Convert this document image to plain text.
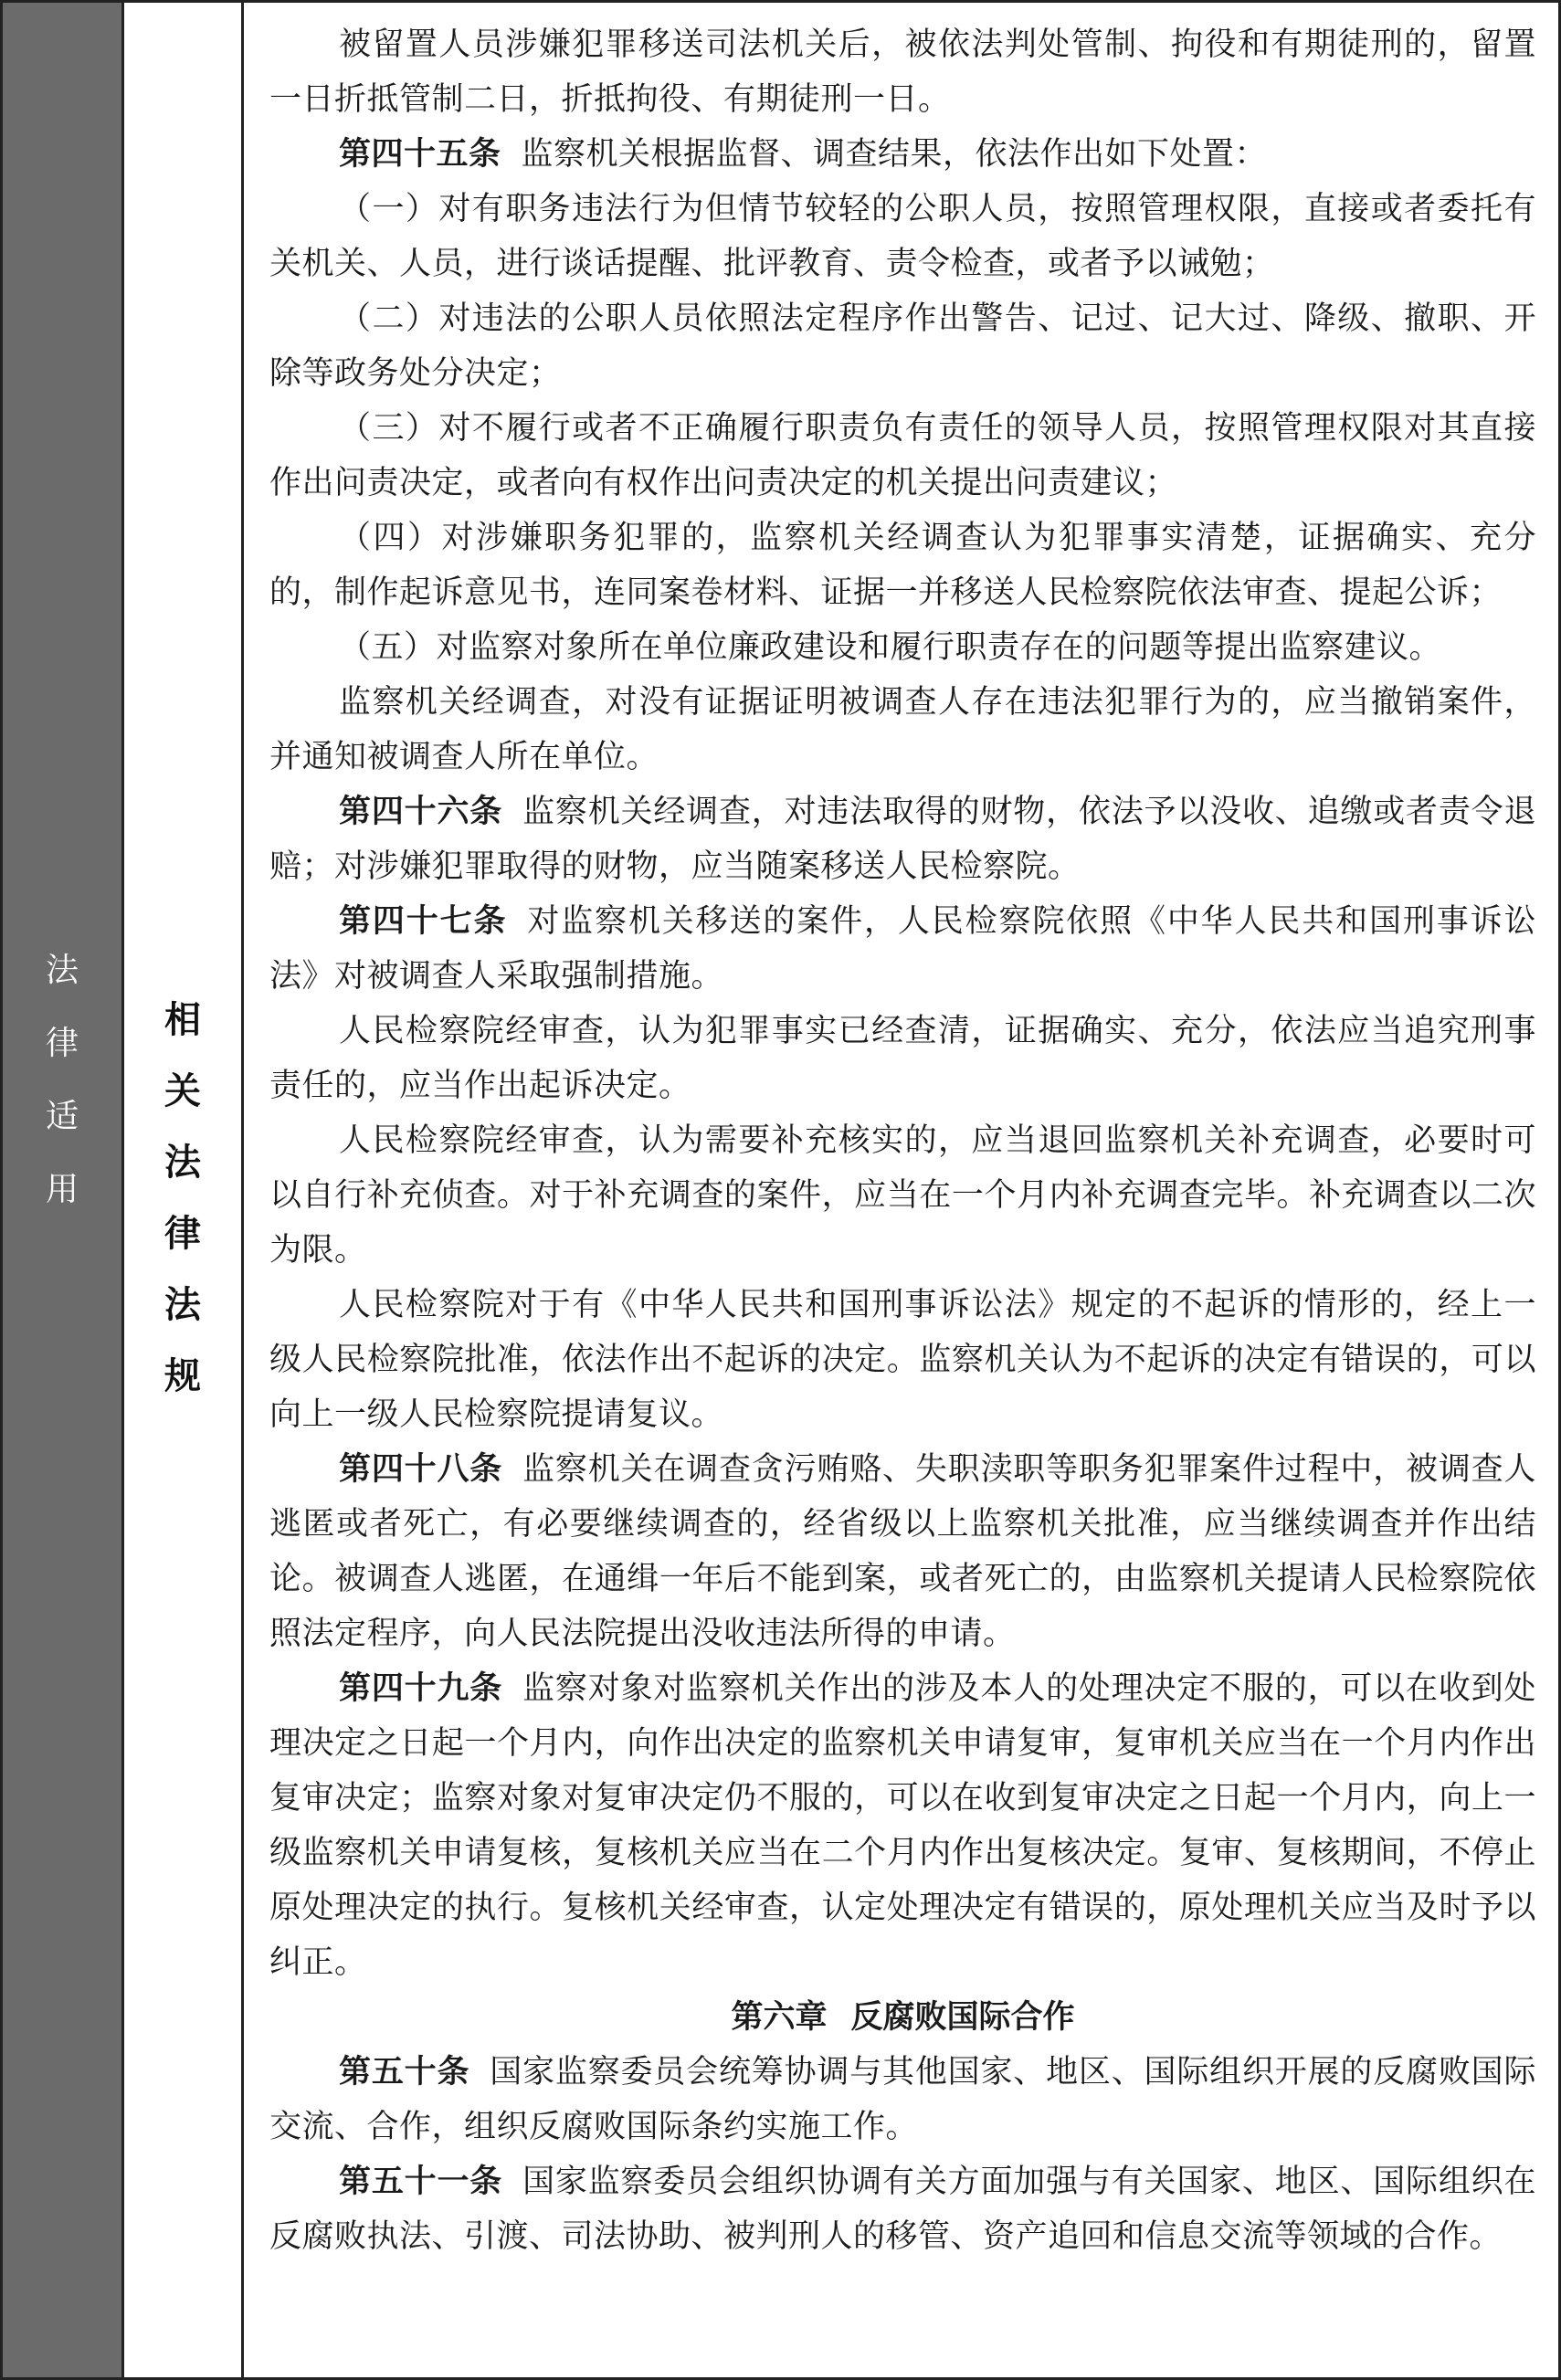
法
律
适
用
相
关
法
律
法
规

被留置人员涉嫌犯罪移送司法机关后，被依法判处管制、拘役和有期徒刑的，留置一日折抵管制二日，折抵拘役、有期徒刑一日。

第四十五条 监察机关根据监督、调查结果，依法作出如下处置：

（一）对有职务违法行为但情节较轻的公职人员，按照管理权限，直接或者委托有关机关、人员，进行谈话提醒、批评教育、责令检查，或者予以诫勉；

（二）对违法的公职人员依照法定程序作出警告、记过、记大过、降级、撤职、开除等政务处分决定；

（三）对不履行或者不正确履行职责负有责任的领导人员，按照管理权限对其直接作出问责决定，或者向有权作出问责决定的机关提出问责建议；

（四）对涉嫌职务犯罪的，监察机关经调查认为犯罪事实清楚，证据确实、充分的，制作起诉意见书，连同案卷材料、证据一并移送人民检察院依法审查、提起公诉；

（五）对监察对象所在单位廉政建设和履行职责存在的问题等提出监察建议。

监察机关经调查，对没有证据证明被调查人存在违法犯罪行为的，应当撤销案件，并通知被调查人所在单位。

第四十六条 监察机关经调查，对违法取得的财物，依法予以没收、追缴或者责令退赔；对涉嫌犯罪取得的财物，应当随案移送人民检察院。

第四十七条 对监察机关移送的案件，人民检察院依照《中华人民共和国刑事诉讼法》对被调查人采取强制措施。

人民检察院经审查，认为犯罪事实已经查清，证据确实、充分，依法应当追究刑事责任的，应当作出起诉决定。

人民检察院经审查，认为需要补充核实的，应当退回监察机关补充调查，必要时可以自行补充侦查。对于补充调查的案件，应当在一个月内补充调查完毕。补充调查以二次为限。

人民检察院对于有《中华人民共和国刑事诉讼法》规定的不起诉的情形的，经上一级人民检察院批准，依法作出不起诉的决定。监察机关认为不起诉的决定有错误的，可以向上一级人民检察院提请复议。

第四十八条 监察机关在调查贪污贿赂、失职渎职等职务犯罪案件过程中，被调查人逃匿或者死亡，有必要继续调查的，经省级以上监察机关批准，应当继续调查并作出结论。被调查人逃匿，在通缉一年后不能到案，或者死亡的，由监察机关提请人民检察院依照法定程序，向人民法院提出没收违法所得的申请。

第四十九条 监察对象对监察机关作出的涉及本人的处理决定不服的，可以在收到处理决定之日起一个月内，向作出决定的监察机关申请复审，复审机关应当在一个月内作出复审决定；监察对象对复审决定仍不服的，可以在收到复审决定之日起一个月内，向上一级监察机关申请复核，复核机关应当在二个月内作出复核决定。复审、复核期间，不停止原处理决定的执行。复核机关经审查，认定处理决定有错误的，原处理机关应当及时予以纠正。

第六章 反腐败国际合作

第五十条 国家监察委员会统筹协调与其他国家、地区、国际组织开展的反腐败国际交流、合作，组织反腐败国际条约实施工作。

第五十一条 国家监察委员会组织协调有关方面加强与有关国家、地区、国际组织在反腐败执法、引渡、司法协助、被判刑人的移管、资产追回和信息交流等领域的合作。
